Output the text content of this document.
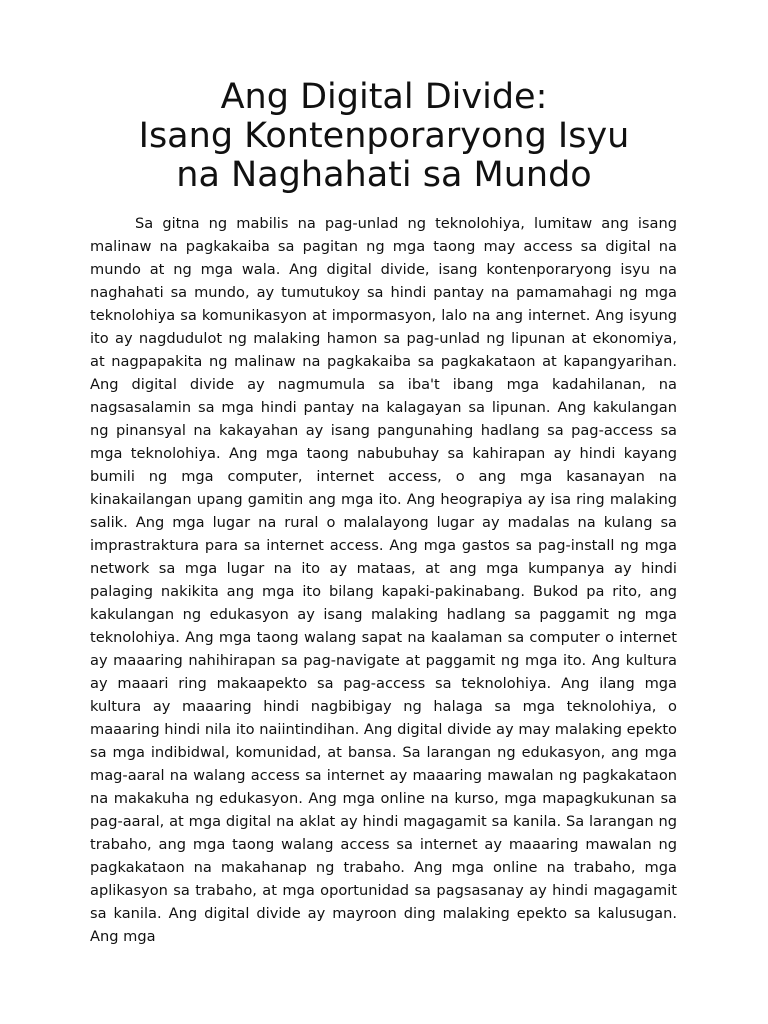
Ang Digital Divide:
Isang Kontenporaryong Isyu
na Naghahati sa Mundo

Sa gitna ng mabilis na pag-unlad ng teknolohiya, lumitaw ang isang malinaw na pagkakaiba sa pagitan ng mga taong may access sa digital na mundo at ng mga wala. Ang digital divide, isang kontenporaryong isyu na naghahati sa mundo, ay tumutukoy sa hindi pantay na pamamahagi ng mga teknolohiya sa komunikasyon at impormasyon, lalo na ang internet. Ang isyung ito ay nagdudulot ng malaking hamon sa pag-unlad ng lipunan at ekonomiya, at nagpapakita ng malinaw na pagkakaiba sa pagkakataon at kapangyarihan. Ang digital divide ay nagmumula sa iba't ibang mga kadahilanan, na nagsasalamin sa mga hindi pantay na kalagayan sa lipunan. Ang kakulangan ng pinansyal na kakayahan ay isang pangunahing hadlang sa pag-access sa mga teknolohiya. Ang mga taong nabubuhay sa kahirapan ay hindi kayang bumili ng mga computer, internet access, o ang mga kasanayan na kinakailangan upang gamitin ang mga ito. Ang heograpiya ay isa ring malaking salik. Ang mga lugar na rural o malalayong lugar ay madalas na kulang sa imprastraktura para sa internet access. Ang mga gastos sa pag-install ng mga network sa mga lugar na ito ay mataas, at ang mga kumpanya ay hindi palaging nakikita ang mga ito bilang kapaki-pakinabang. Bukod pa rito, ang kakulangan ng edukasyon ay isang malaking hadlang sa paggamit ng mga teknolohiya. Ang mga taong walang sapat na kaalaman sa computer o internet ay maaaring nahihirapan sa pag-navigate at paggamit ng mga ito. Ang kultura ay maaari ring makaapekto sa pag-access sa teknolohiya. Ang ilang mga kultura ay maaaring hindi nagbibigay ng halaga sa mga teknolohiya, o maaaring hindi nila ito naiintindihan. Ang digital divide ay may malaking epekto sa mga indibidwal, komunidad, at bansa. Sa larangan ng edukasyon, ang mga mag-aaral na walang access sa internet ay maaaring mawalan ng pagkakataon na makakuha ng edukasyon. Ang mga online na kurso, mga mapagkukunan sa pag-aaral, at mga digital na aklat ay hindi magagamit sa kanila. Sa larangan ng trabaho, ang mga taong walang access sa internet ay maaaring mawalan ng pagkakataon na makahanap ng trabaho. Ang mga online na trabaho, mga aplikasyon sa trabaho, at mga oportunidad sa pagsasanay ay hindi magagamit sa kanila. Ang digital divide ay mayroon ding malaking epekto sa kalusugan. Ang mga
